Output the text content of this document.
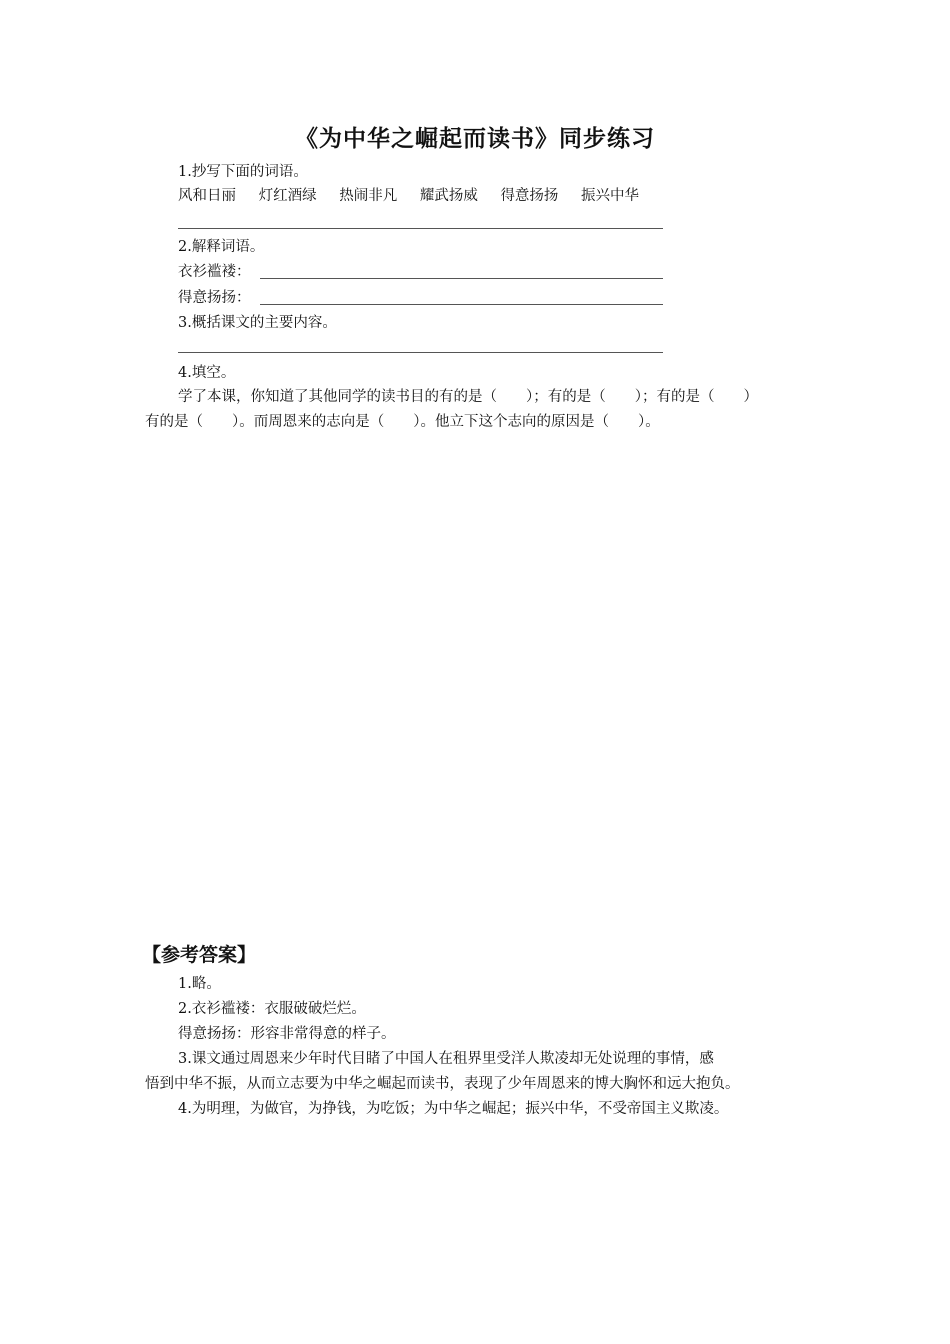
《为中华之崛起而读书》同步练习
1.抄写下面的词语。
风和日丽 灯红酒绿 热闹非凡 耀武扬威 得意扬扬 振兴中华
2.解释词语。
衣衫褴褛：
得意扬扬：
3.概括课文的主要内容。
4.填空。
学了本课，你知道了其他同学的读书目的有的是（　　）；有的是（　　）；有的是（　　）
有的是（　　）。而周恩来的志向是（　　）。他立下这个志向的原因是（　　）。
【参考答案】
1.略。
2.衣衫褴褛：衣服破破烂烂。
得意扬扬：形容非常得意的样子。
3.课文通过周恩来少年时代目睹了中国人在租界里受洋人欺凌却无处说理的事情，感
悟到中华不振，从而立志要为中华之崛起而读书，表现了少年周恩来的博大胸怀和远大抱负。
4.为明理，为做官，为挣钱，为吃饭；为中华之崛起；振兴中华，不受帝国主义欺凌。
